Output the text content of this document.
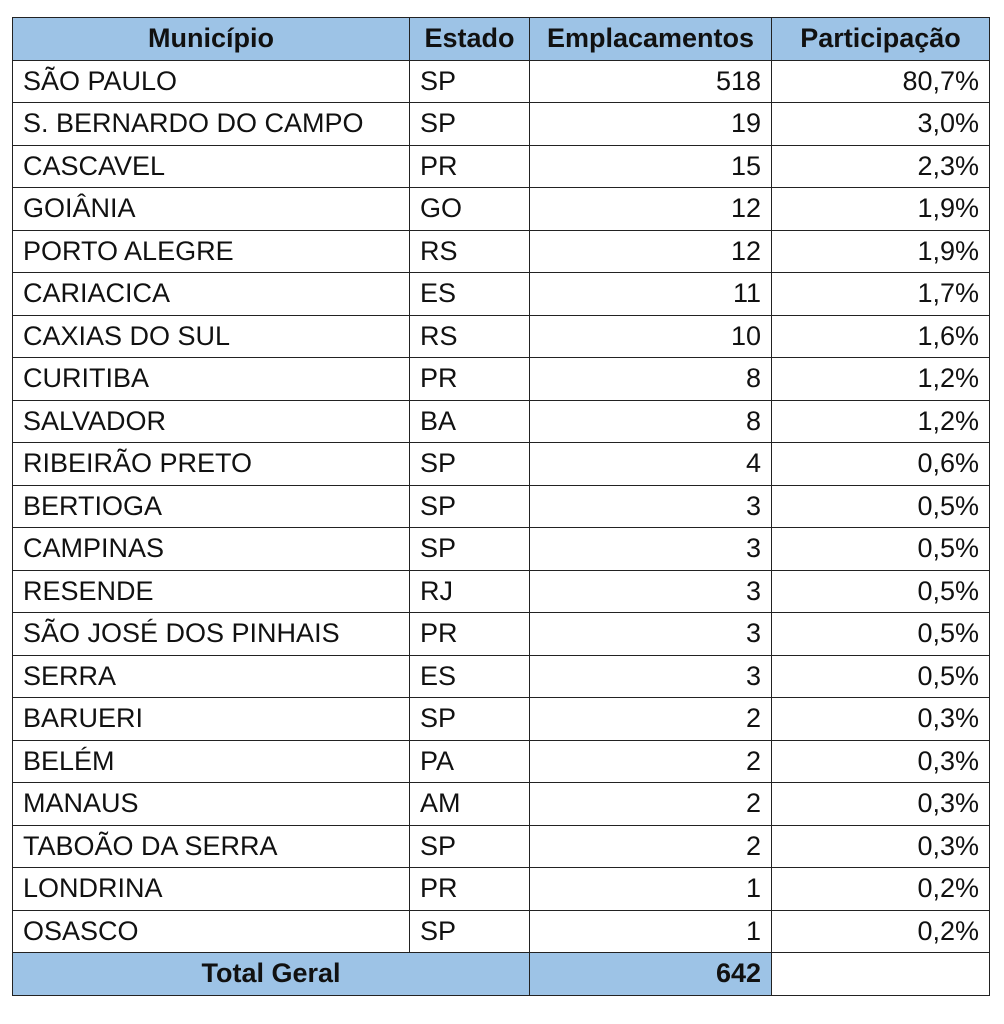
Município	Estado	Emplacamentos	Participação
SÃO PAULO	SP	518	80,7%
S. BERNARDO DO CAMPO	SP	19	3,0%
CASCAVEL	PR	15	2,3%
GOIÂNIA	GO	12	1,9%
PORTO ALEGRE	RS	12	1,9%
CARIACICA	ES	11	1,7%
CAXIAS DO SUL	RS	10	1,6%
CURITIBA	PR	8	1,2%
SALVADOR	BA	8	1,2%
RIBEIRÃO PRETO	SP	4	0,6%
BERTIOGA	SP	3	0,5%
CAMPINAS	SP	3	0,5%
RESENDE	RJ	3	0,5%
SÃO JOSÉ DOS PINHAIS	PR	3	0,5%
SERRA	ES	3	0,5%
BARUERI	SP	2	0,3%
BELÉM	PA	2	0,3%
MANAUS	AM	2	0,3%
TABOÃO DA SERRA	SP	2	0,3%
LONDRINA	PR	1	0,2%
OSASCO	SP	1	0,2%
Total Geral		642	
